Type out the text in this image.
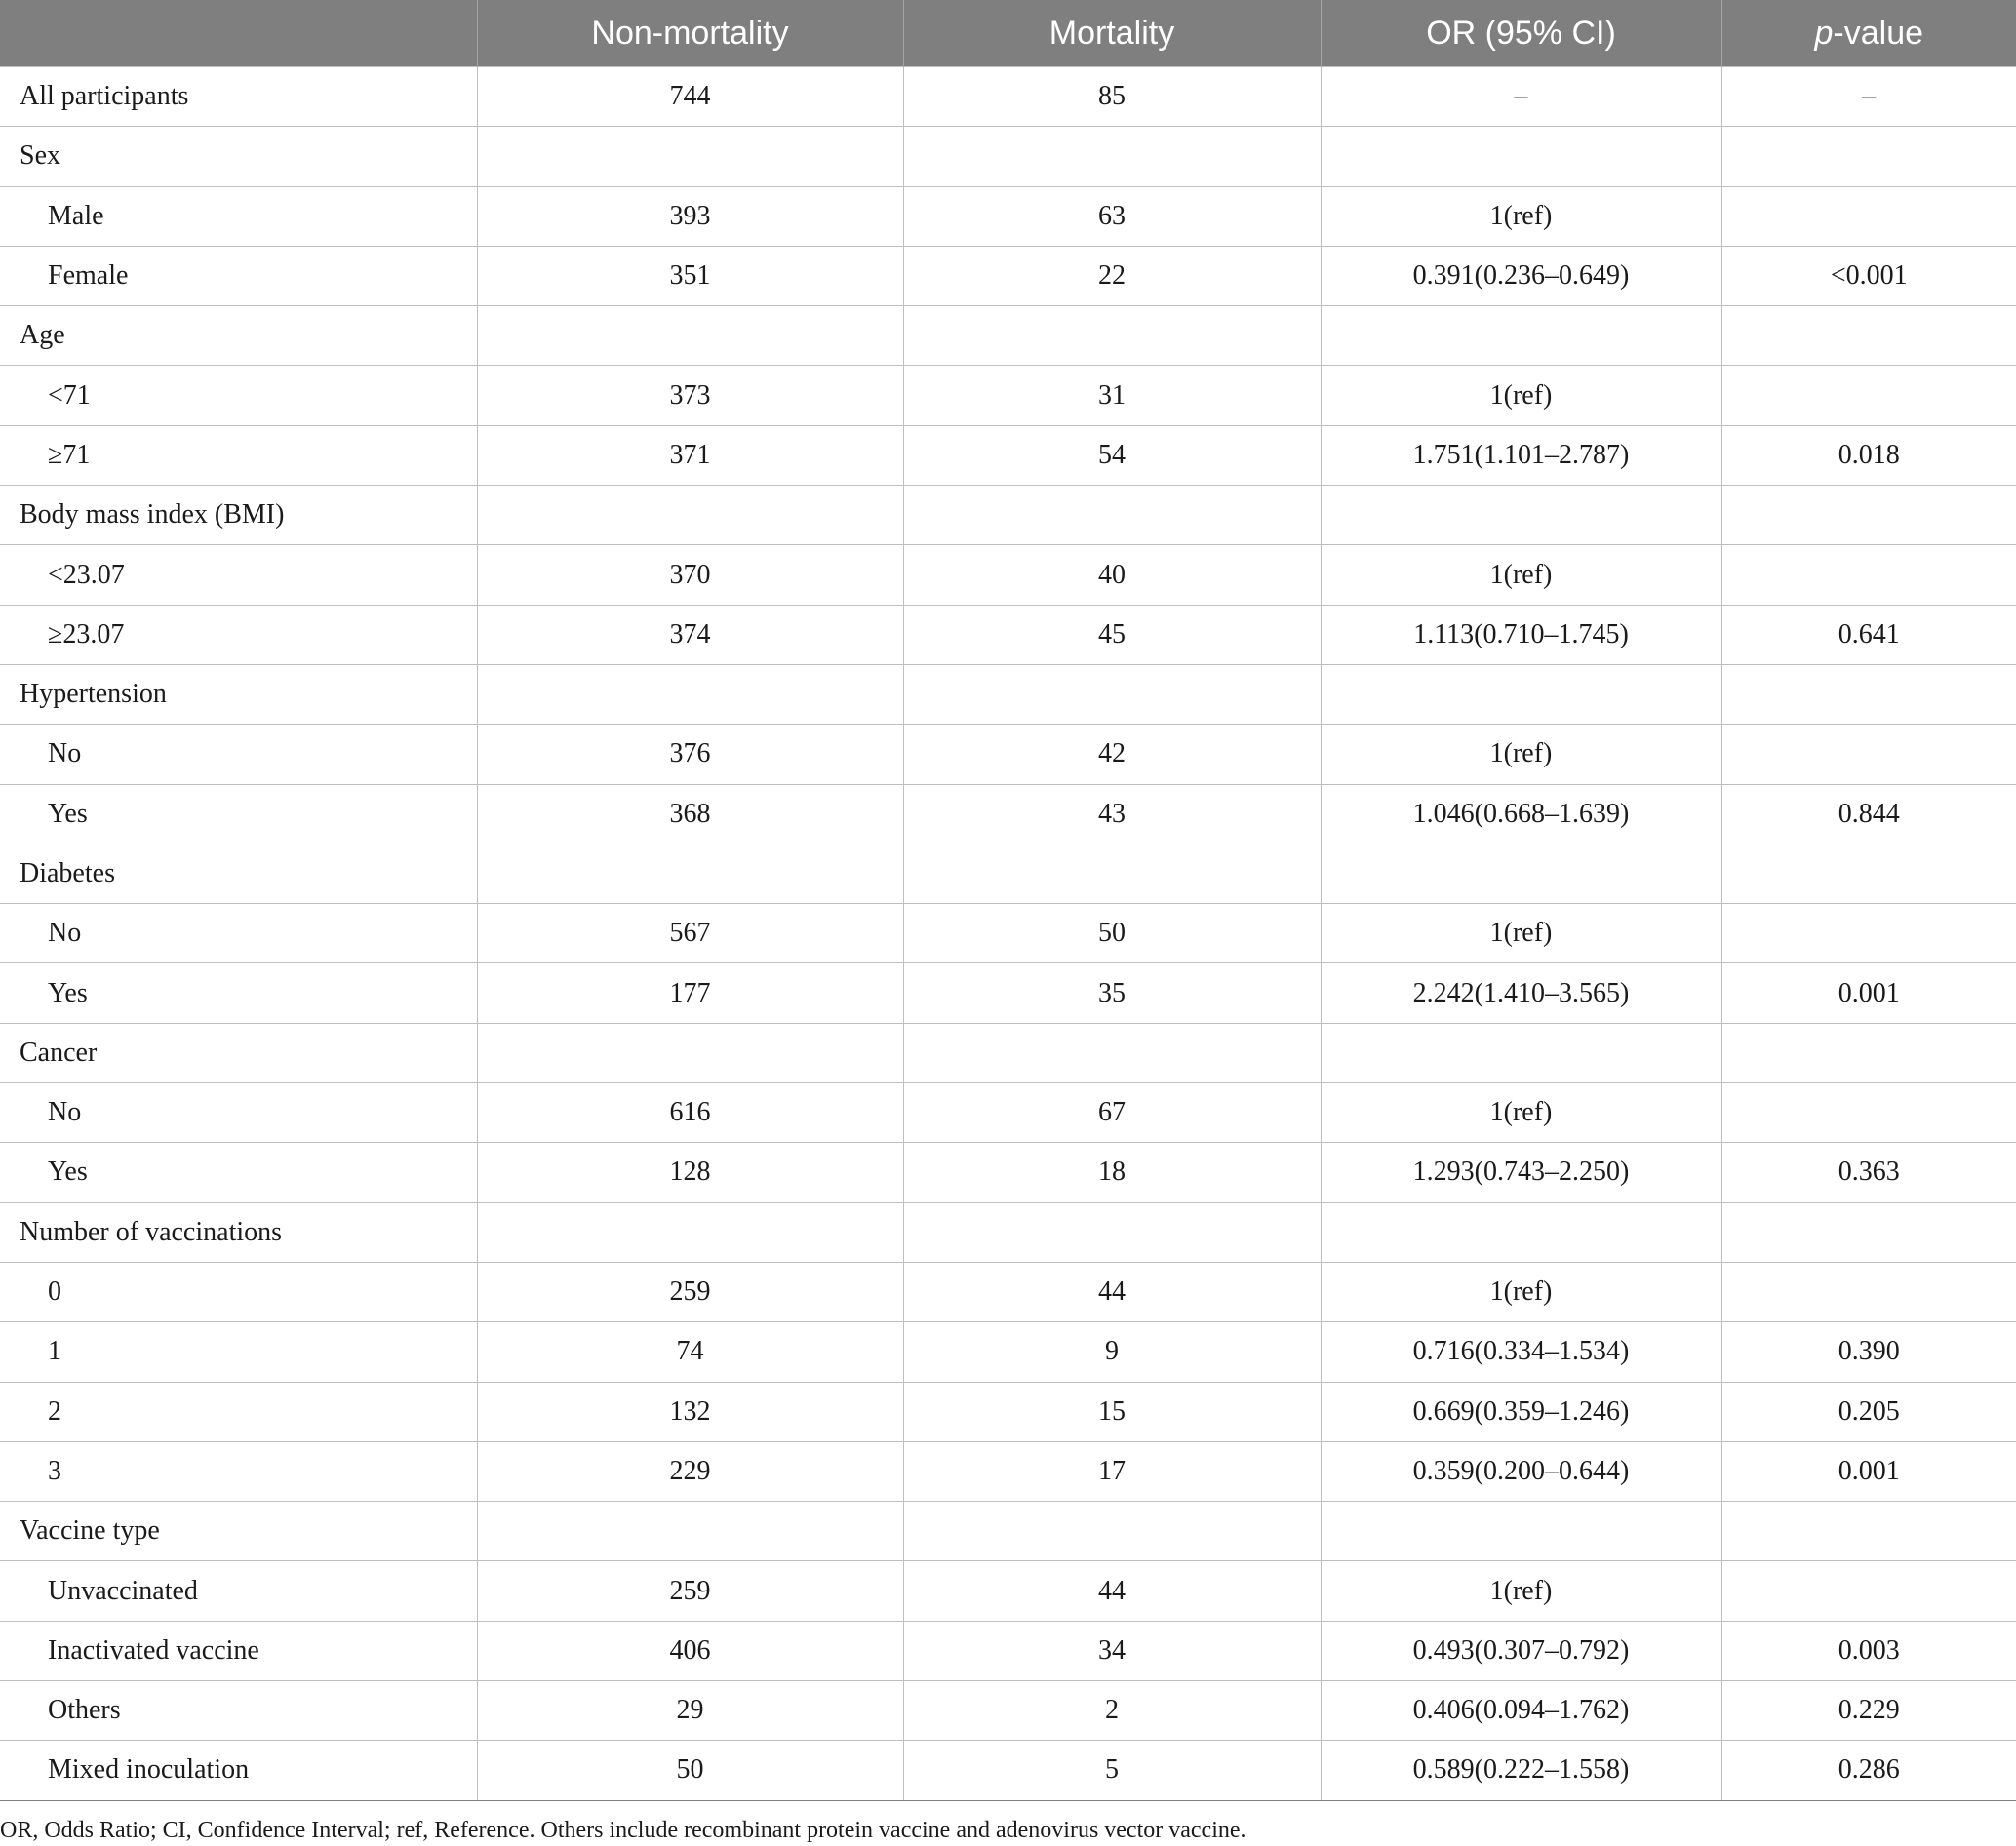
	Non-mortality	Mortality	OR (95% CI)	p-value
All participants	744	85	–	–
Sex				
Male	393	63	1(ref)	
Female	351	22	0.391(0.236–0.649)	<0.001
Age				
<71	373	31	1(ref)	
≥71	371	54	1.751(1.101–2.787)	0.018
Body mass index (BMI)				
<23.07	370	40	1(ref)	
≥23.07	374	45	1.113(0.710–1.745)	0.641
Hypertension				
No	376	42	1(ref)	
Yes	368	43	1.046(0.668–1.639)	0.844
Diabetes				
No	567	50	1(ref)	
Yes	177	35	2.242(1.410–3.565)	0.001
Cancer				
No	616	67	1(ref)	
Yes	128	18	1.293(0.743–2.250)	0.363
Number of vaccinations				
0	259	44	1(ref)	
1	74	9	0.716(0.334–1.534)	0.390
2	132	15	0.669(0.359–1.246)	0.205
3	229	17	0.359(0.200–0.644)	0.001
Vaccine type				
Unvaccinated	259	44	1(ref)	
Inactivated vaccine	406	34	0.493(0.307–0.792)	0.003
Others	29	2	0.406(0.094–1.762)	0.229
Mixed inoculation	50	5	0.589(0.222–1.558)	0.286
OR, Odds Ratio; CI, Confidence Interval; ref, Reference. Others include recombinant protein vaccine and adenovirus vector vaccine.
